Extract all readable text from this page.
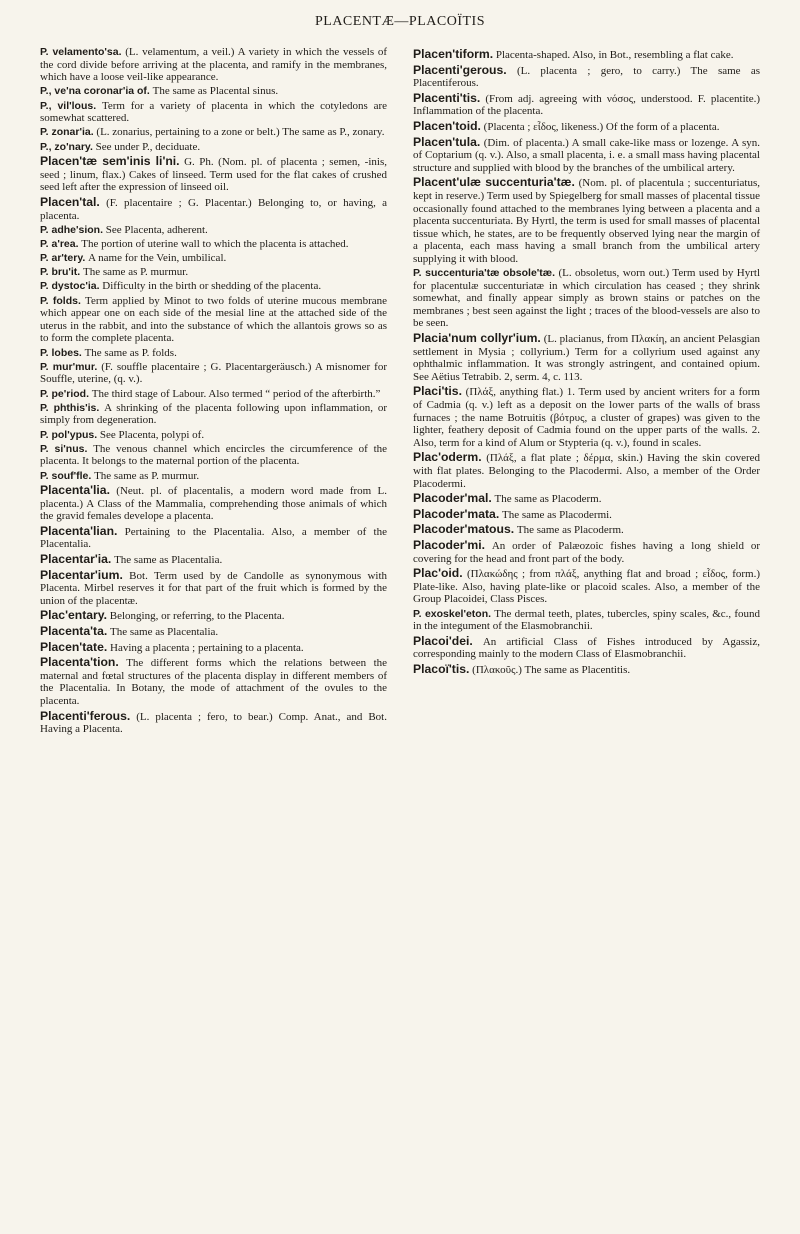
PLACENTÆ—PLACOÏTIS

P. velamento'sa. (L. velamentum, a veil.) A variety in which the vessels of the cord divide before arriving at the placenta, and ramify in the membranes, which have a loose veil-like appearance.

P., ve'na coronar'ia of. The same as Placental sinus.

P., vil'lous. Term for a variety of placenta in which the cotyledons are somewhat scattered.

P. zonar'ia. (L. zonarius, pertaining to a zone or belt.) The same as P., zonary.

P., zo'nary. See under P., deciduate.

Placen'tæ sem'inis li'ni. G. Ph. (Nom. pl. of placenta ; semen, -inis, seed ; linum, flax.) Cakes of linseed. Term used for the flat cakes of crushed seed left after the expression of linseed oil.

Placen'tal. (F. placentaire ; G. Placentar.) Belonging to, or having, a placenta.

P. adhe'sion. See Placenta, adherent.

P. a'rea. The portion of uterine wall to which the placenta is attached.

P. ar'tery. A name for the Vein, umbilical.

P. bru'it. The same as P. murmur.

P. dystoc'ia. Difficulty in the birth or shedding of the placenta.

P. folds. Term applied by Minot to two folds of uterine mucous membrane which appear one on each side of the mesial line at the attached side of the uterus in the rabbit, and into the substance of which the allantois grows so as to form the complete placenta.

P. lobes. The same as P. folds.

P. mur'mur. (F. souffle placentaire ; G. Placentargeräusch.) A misnomer for Souffle, uterine, (q. v.).

P. pe'riod. The third stage of Labour. Also termed “ period of the afterbirth.”

P. phthis'is. A shrinking of the placenta following upon inflammation, or simply from degeneration.

P. pol'ypus. See Placenta, polypi of.

P. si'nus. The venous channel which encircles the circumference of the placenta. It belongs to the maternal portion of the placenta.

P. souf'fle. The same as P. murmur.

Placenta'lia. (Neut. pl. of placentalis, a modern word made from L. placenta.) A Class of the Mammalia, comprehending those animals of which the gravid females develope a placenta.

Placenta'lian. Pertaining to the Placentalia. Also, a member of the Placentalia.

Placentar'ia. The same as Placentalia.

Placentar'ium. Bot. Term used by de Candolle as synonymous with Placenta. Mirbel reserves it for that part of the fruit which is formed by the union of the placentæ.

Plac'entary. Belonging, or referring, to the Placenta.

Placenta'ta. The same as Placentalia.

Placen'tate. Having a placenta ; pertaining to a placenta.

Placenta'tion. The different forms which the relations between the maternal and fœtal structures of the placenta display in different members of the Placentalia. In Botany, the mode of attachment of the ovules to the placenta.

Placenti'ferous. (L. placenta ; fero, to bear.) Comp. Anat., and Bot. Having a Placenta.

Placen'tiform. Placenta-shaped. Also, in Bot., resembling a flat cake.

Placenti'gerous. (L. placenta ; gero, to carry.) The same as Placentiferous.

Placenti'tis. (From adj. agreeing with νόσος, understood. F. placentite.) Inflammation of the placenta.

Placen'toid. (Placenta ; εἶδος, likeness.) Of the form of a placenta.

Placen'tula. (Dim. of placenta.) A small cake-like mass or lozenge. A syn. of Coptarium (q. v.). Also, a small placenta, i. e. a small mass having placental structure and supplied with blood by the branches of the umbilical artery.

Placent'ulæ succenturia'tæ. (Nom. pl. of placentula ; succenturiatus, kept in reserve.) Term used by Spiegelberg for small masses of placental tissue occasionally found attached to the membranes lying between a placenta and a placenta succenturiata. By Hyrtl, the term is used for small masses of placental tissue which, he states, are to be frequently observed lying near the margin of a placenta, each mass having a small branch from the umbilical artery supplying it with blood.

P. succenturia'tæ obsole'tæ. (L. obsoletus, worn out.) Term used by Hyrtl for placentulæ succenturiatæ in which circulation has ceased ; they shrink somewhat, and finally appear simply as brown stains or patches on the membranes ; best seen against the light ; traces of the blood-vessels are also to be seen.

Placia'num collyr'ium. (L. placianus, from Πλακίη, an ancient Pelasgian settlement in Mysia ; collyrium.) Term for a collyrium used against any ophthalmic inflammation. It was strongly astringent, and contained opium. See Aëtius Tetrabib. 2, serm. 4, c. 113.

Placi'tis. (Πλάξ, anything flat.) 1. Term used by ancient writers for a form of Cadmia (q. v.) left as a deposit on the lower parts of the walls of brass furnaces ; the name Botruitis (βότρυς, a cluster of grapes) was given to the lighter, feathery deposit of Cadmia found on the upper parts of the walls. 2. Also, term for a kind of Alum or Stypteria (q. v.), found in scales.

Plac'oderm. (Πλάξ, a flat plate ; δέρμα, skin.) Having the skin covered with flat plates. Belonging to the Placodermi. Also, a member of the Order Placodermi.

Placoder'mal. The same as Placoderm.

Placoder'mata. The same as Placodermi.

Placoder'matous. The same as Placoderm.

Placoder'mi. An order of Palæozoic fishes having a long shield or covering for the head and front part of the body.

Plac'oid. (Πλακώδης ; from πλάξ, anything flat and broad ; εἶδος, form.) Plate-like. Also, having plate-like or placoid scales. Also, a member of the Group Placoidei, Class Pisces.

P. exoskel'eton. The dermal teeth, plates, tubercles, spiny scales, &c., found in the integument of the Elasmobranchii.

Placoi'dei. An artificial Class of Fishes introduced by Agassiz, corresponding mainly to the modern Class of Elasmobranchii.

Placoï'tis. (Πλακοῦς.) The same as Placentitis.
